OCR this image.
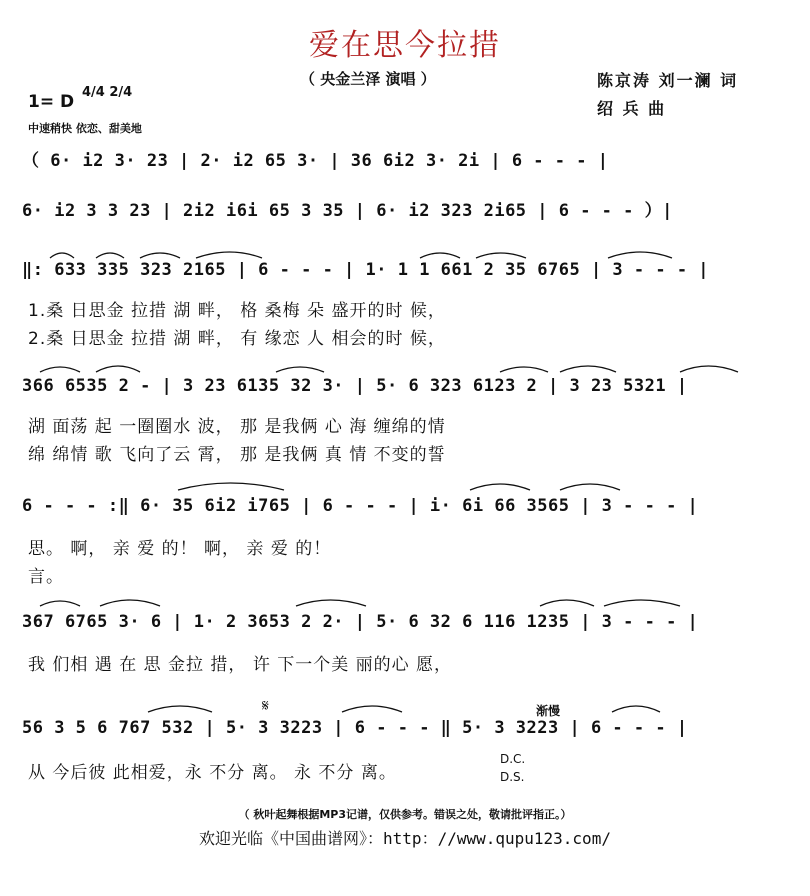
爱在思今拉措
（ 央金兰泽 演唱 ）	陈京涛 刘一澜 词
绍 兵 曲
1= D 4/4 2/4
中速稍快 依恋、甜美地
（ 6· i2 3· 23 | 2· i2 65 3· | 36 6i2 3· 2i | 6 - - - |
6· i2 3 3 23 | 2i2 i6i 65 3 35 | 6· i2 323 2i65 | 6 - - - ）|
‖: 633 335 323 2165 | 6 - - - | 1· 1 1 661 2 35 6765 | 3 - - - |
1.桑 日思金 拉措 湖 畔， 格 桑梅 朵 盛开的时 候，
2.桑 日思金 拉措 湖 畔， 有 缘恋 人 相会的时 候，
366 6535 2 - | 3 23 6135 32 3· | 5· 6 323 6123 2 | 3 23 5321 |
湖 面荡 起 一圈圈水 波， 那 是我俩 心 海 缠绵的情
绵 绵情 歌 飞向了云 霄， 那 是我俩 真 情 不变的誓
6 - - - :‖ 6· 35 6i2 i765 | 6 - - - | i· 6i 66 3565 | 3 - - - |
思。 啊， 亲 爱 的！ 啊， 亲 爱 的！
言。
367 6765 3· 6 | 1· 2 3653 2 2· | 5· 6 32 6 116 1235 | 3 - - - |
我 们相 遇 在 思 金拉 措， 许 下一个美 丽的心 愿，
渐慢
56 3 5 6 767 532 | 5· 3 3223 | 6 - - - ‖ 5· 3 3223 | 6 - - - |
从 今后彼 此相爱，永 不分 离。 永 不分 离。
D.C.
D.S.
𝄋
（ 秋叶起舞根据MP3记谱，仅供参考。错误之处，敬请批评指正。）
欢迎光临《中国曲谱网》：http：//www.qupu123.com/
